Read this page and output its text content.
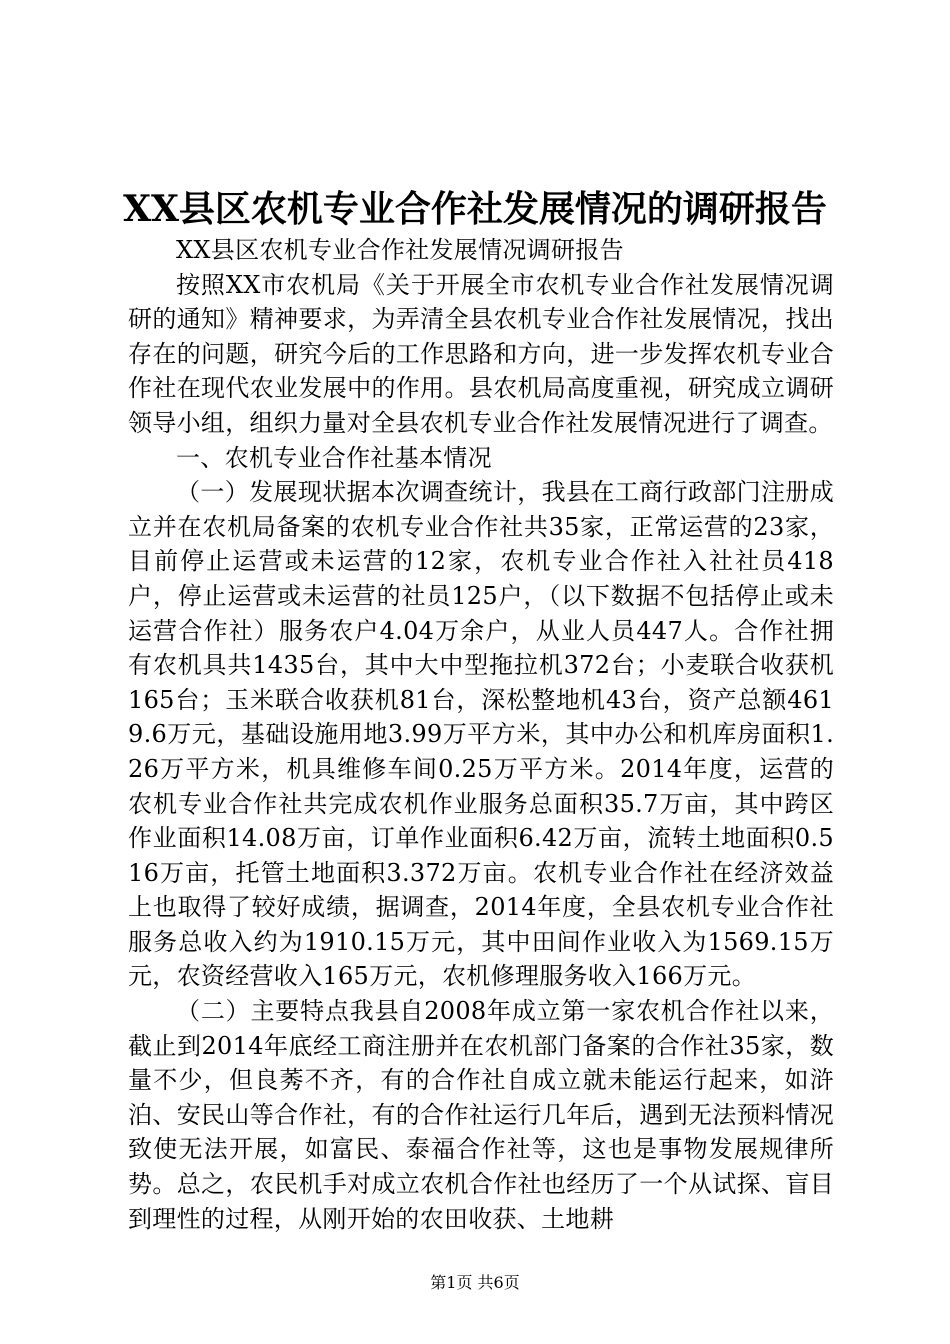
XX县区农机专业合作社发展情况的调研报告

XX县区农机专业合作社发展情况调研报告

按照XX市农机局《关于开展全市农机专业合作社发展情况调研的通知》精神要求，为弄清全县农机专业合作社发展情况，找出存在的问题，研究今后的工作思路和方向，进一步发挥农机专业合作社在现代农业发展中的作用。县农机局高度重视，研究成立调研领导小组，组织力量对全县农机专业合作社发展情况进行了调查。

一、农机专业合作社基本情况

（一）发展现状据本次调查统计，我县在工商行政部门注册成立并在农机局备案的农机专业合作社共35家，正常运营的23家，目前停止运营或未运营的12家，农机专业合作社入社社员418户，停止运营或未运营的社员125户，（以下数据不包括停止或未运营合作社）服务农户4.04万余户，从业人员447人。合作社拥有农机具共1435台，其中大中型拖拉机372台；小麦联合收获机165台；玉米联合收获机81台，深松整地机43台，资产总额4619.6万元，基础设施用地3.99万平方米，其中办公和机库房面积1.26万平方米，机具维修车间0.25万平方米。2014年度，运营的农机专业合作社共完成农机作业服务总面积35.7万亩，其中跨区作业面积14.08万亩，订单作业面积6.42万亩，流转土地面积0.516万亩，托管土地面积3.372万亩。农机专业合作社在经济效益上也取得了较好成绩，据调查，2014年度，全县农机专业合作社服务总收入约为1910.15万元，其中田间作业收入为1569.15万元，农资经营收入165万元，农机修理服务收入166万元。

（二）主要特点我县自2008年成立第一家农机合作社以来，截止到2014年底经工商注册并在农机部门备案的合作社35家，数量不少，但良莠不齐，有的合作社自成立就未能运行起来，如浒泊、安民山等合作社，有的合作社运行几年后，遇到无法预料情况致使无法开展，如富民、泰福合作社等，这也是事物发展规律所势。总之，农民机手对成立农机合作社也经历了一个从试探、盲目到理性的过程，从刚开始的农田收获、土地耕

第1页 共6页
